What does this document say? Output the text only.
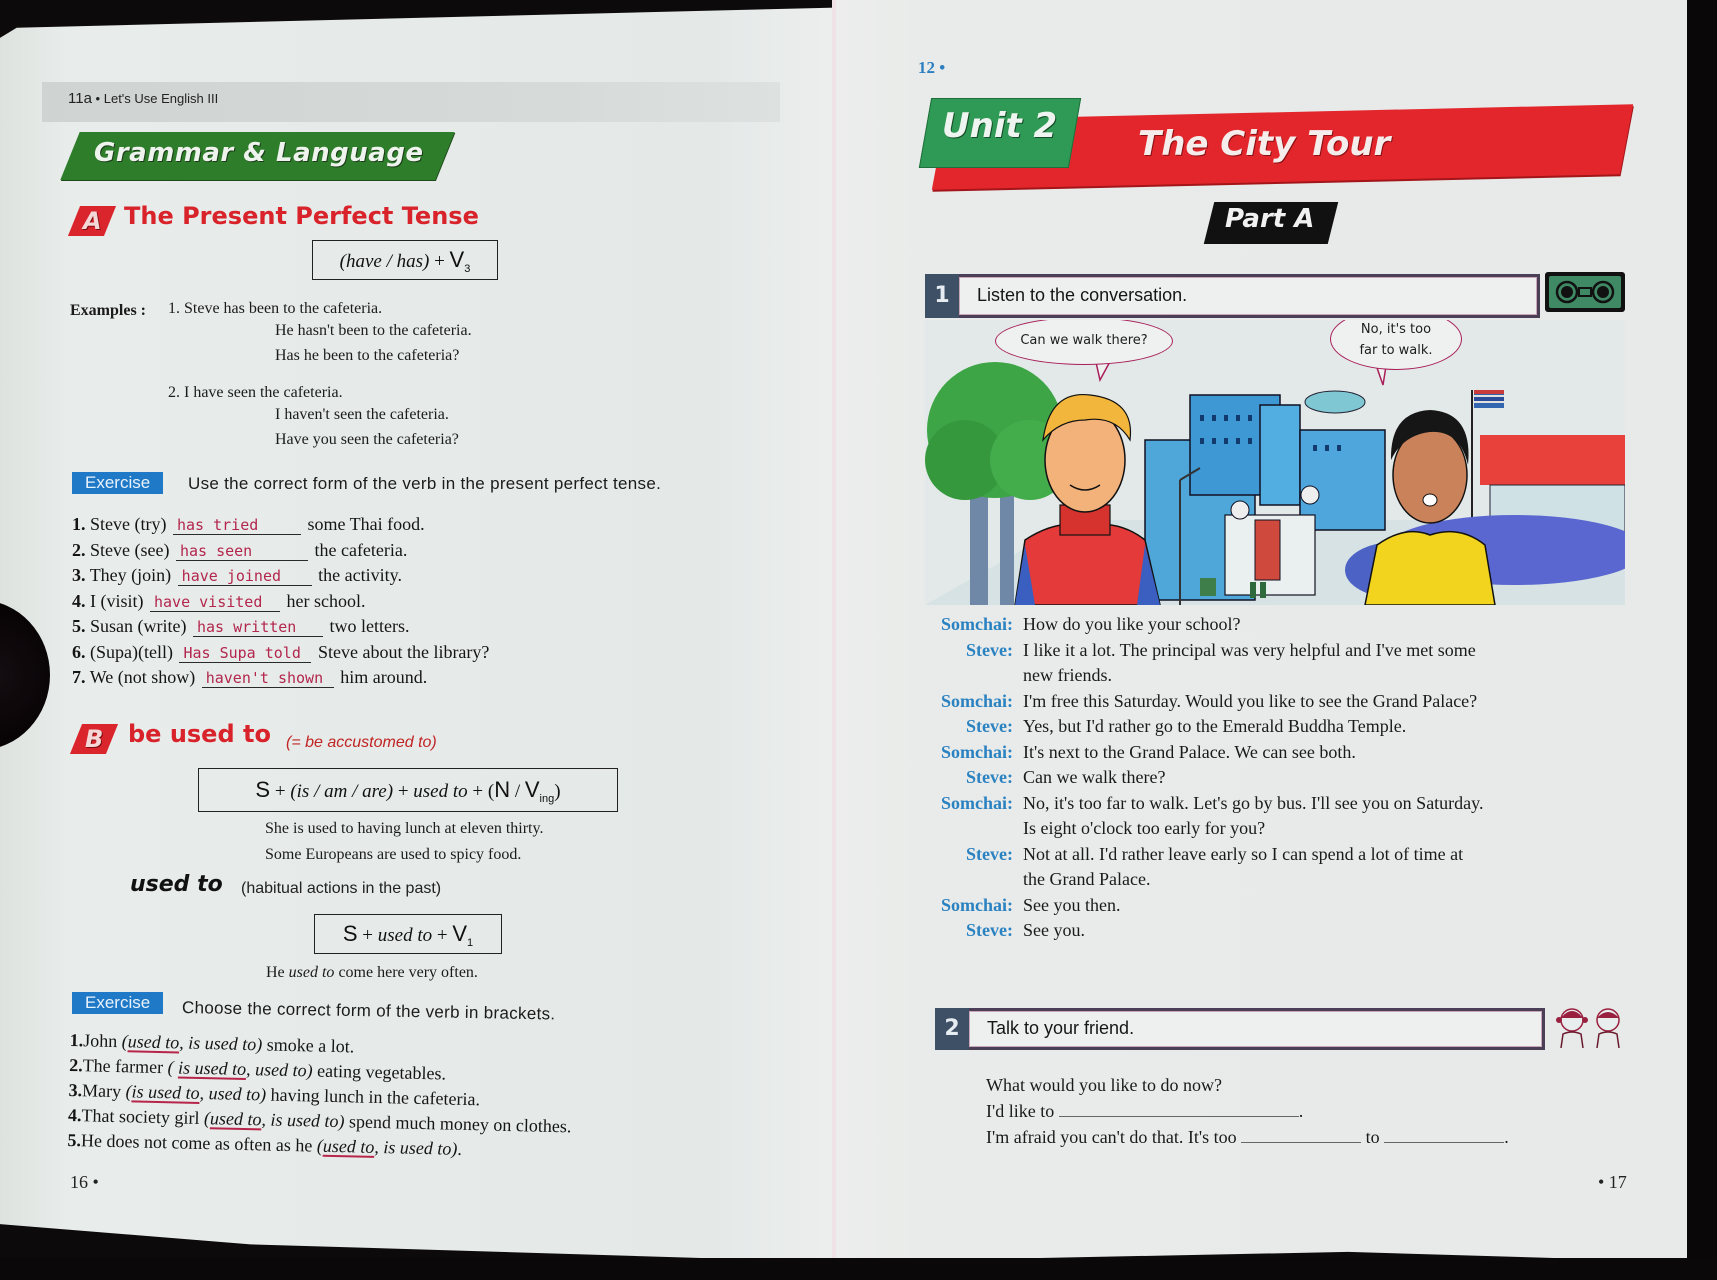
11a • Let's Use English III
Grammar & Language
A The Present Perfect Tense
(have / $has) + V_3$
Examples : 1. Steve has been to the cafeteria.
He hasn't been to the cafeteria.
Has he been to the cafeteria?
2. I have seen the cafeteria.
I haven't seen the cafeteria.
Have you seen the cafeteria?
Exercise	Use the correct form of the verb in the present perfect tense.
1. Steve (try) has tried	some Thai food.
2. Steve (see) has seen	the cafeteria.
3. They (join) have joined the activity.
4. I (visit) have visited her school.
5. Susan (write) has written two letters.
6. (Supa)(tell) Has Supa told Steve about the library?
7. We (not show) haven't shown him around.
B	be used to (= be accustomed to)
S + (is / am / are) + used to + $(N / V_{ing})$
She is used to having lunch at eleven thirty.
Some Europeans are used to spicy food.
used to (habitual actions in the past)
S + used to + $V_1$
He used to come here very often.
Exercise	Choose the correct form of the verb in brackets.
1.John (used to, is used to) smoke a lot.
2.The farmer ( is used to, used to) eating vegetables.
3.Mary (is used to, used to) having lunch in the cafeteria.
4.That society girl (used to, is used to) spend much money on clothes.
5.He does not come as often as he (used to, is used to).
16 •
12 •
Unit 2 The City Tour
Part A
1	Listen to the conversation.
Can we walk there?
No, it's too
far to walk.
Somchai: How do you like your school?
Steve: I like it a lot. The principal was very helpful and I've met some
new friends.
Somchai: I'm free this Saturday. Would you like to see the Grand Palace?
Steve: Yes, but I'd rather go to the Emerald Buddha Temple.
Somchai: It's next to the Grand Palace. We can see both.
Steve: Can we walk there?
Somchai: No, it's too far to walk. Let's go by bus. I'll see you on Saturday.
Is eight o'clock too early for you?
Steve: Not at all. I'd rather leave early so I can spend a lot of time at
the Grand Palace.
Somchai: See you then.
Steve: See you.
2	Talk to your friend.
What would you like to do now?
I'd like to	.
I'm afraid you can't do that. It's too	to	.
• 17
